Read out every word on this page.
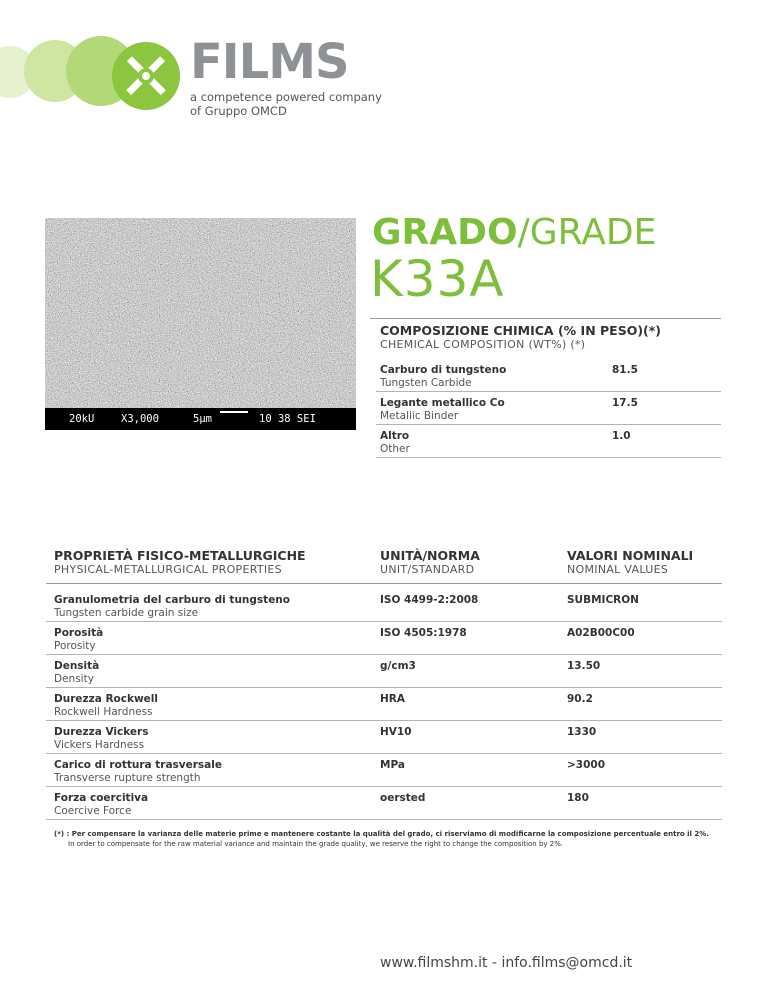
FILMS
a competence powered company
of Gruppo OMCD
20kU	X3,000	5µm	10 38 SEI
GRADO/GRADE
K33A
COMPOSIZIONE CHIMICA (% IN PESO)(*)
CHEMICAL COMPOSITION (WT%) (*)
Carburo di tungsteno
Tungsten Carbide
81.5
Legante metallico Co
Metallic Binder
17.5
Altro
Other
1.0
PROPRIETÀ FISICO-METALLURGICHE
PHYSICAL-METALLURGICAL PROPERTIES
UNITÀ/NORMA
UNIT/STANDARD
VALORI NOMINALI
NOMINAL VALUES
Granulometria del carburo di tungsteno
Tungsten carbide grain size
ISO 4499-2:2008	SUBMICRON
Porosità
Porosity
ISO 4505:1978	A02B00C00
Densità
Density
g/cm3	13.50
Durezza Rockwell
Rockwell Hardness
HRA	90.2
Durezza Vickers
Vickers Hardness
HV10	1330
Carico di rottura trasversale
Transverse rupture strength
MPa	>3000
Forza coercitiva
Coercive Force
oersted	180
(*) : Per compensare la varianza delle materie prime e mantenere costante la qualità del grado, ci riserviamo di modificarne la composizione percentuale entro il 2%.
In order to compensate for the raw material variance and maintain the grade quality, we reserve the right to change the composition by 2%.
www.filmshm.it - info.films@omcd.it
